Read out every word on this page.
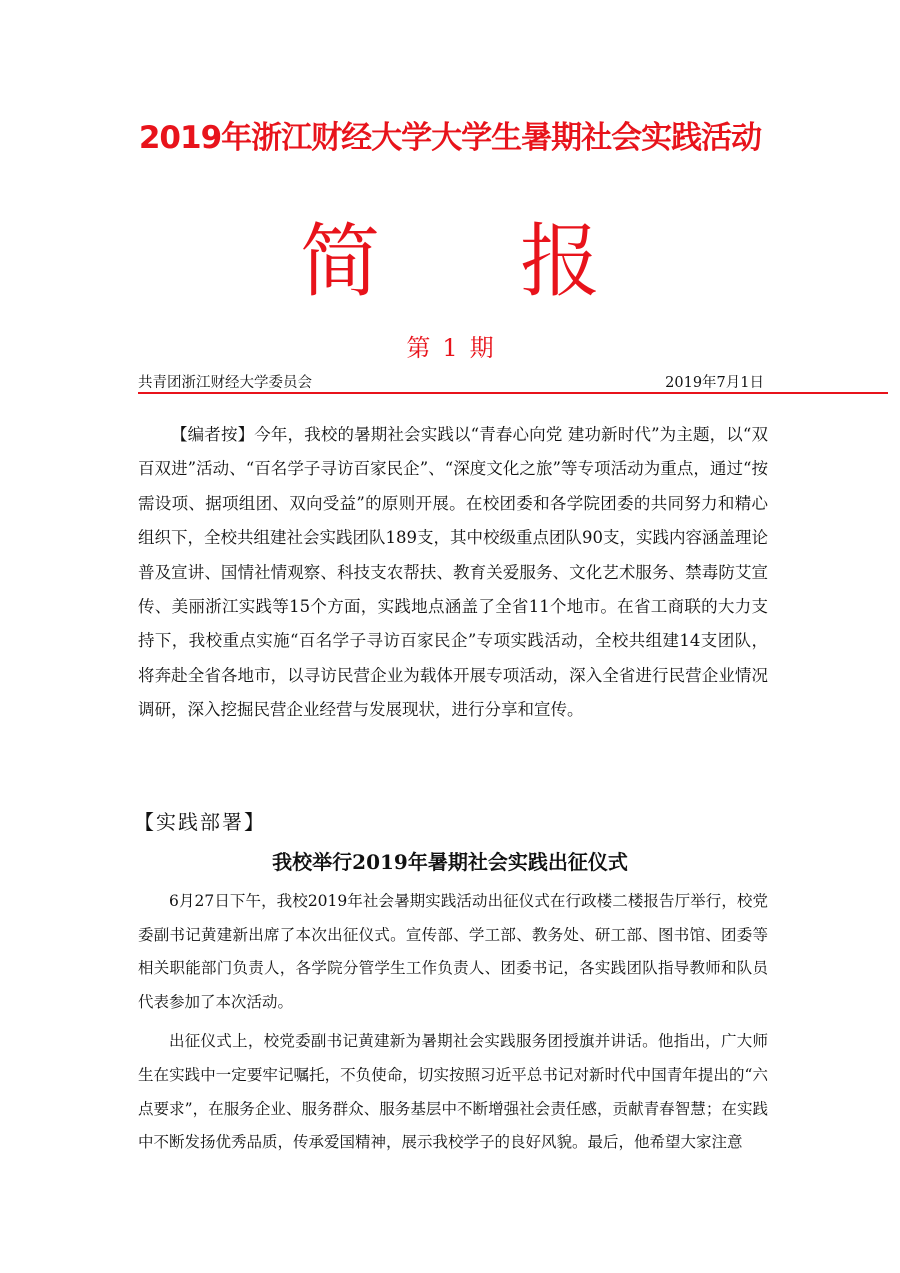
2019年浙江财经大学大学生暑期社会实践活动
简 报
第 1 期
共青团浙江财经大学委员会	2019年7月1日

【编者按】今年，我校的暑期社会实践以“青春心向党 建功新时代”为主题，以“双百双进”活动、“百名学子寻访百家民企”、“深度文化之旅”等专项活动为重点，通过“按需设项、据项组团、双向受益”的原则开展。在校团委和各学院团委的共同努力和精心组织下，全校共组建社会实践团队189支，其中校级重点团队90支，实践内容涵盖理论普及宣讲、国情社情观察、科技支农帮扶、教育关爱服务、文化艺术服务、禁毒防艾宣传、美丽浙江实践等15个方面，实践地点涵盖了全省11个地市。在省工商联的大力支持下，我校重点实施“百名学子寻访百家民企”专项实践活动，全校共组建14支团队，将奔赴全省各地市，以寻访民营企业为载体开展专项活动，深入全省进行民营企业情况调研，深入挖掘民营企业经营与发展现状，进行分享和宣传。

【实践部署】
我校举行2019年暑期社会实践出征仪式

6月27日下午，我校2019年社会暑期实践活动出征仪式在行政楼二楼报告厅举行，校党委副书记黄建新出席了本次出征仪式。宣传部、学工部、教务处、研工部、图书馆、团委等相关职能部门负责人，各学院分管学生工作负责人、团委书记，各实践团队指导教师和队员代表参加了本次活动。

出征仪式上，校党委副书记黄建新为暑期社会实践服务团授旗并讲话。他指出，广大师生在实践中一定要牢记嘱托，不负使命，切实按照习近平总书记对新时代中国青年提出的“六点要求”，在服务企业、服务群众、服务基层中不断增强社会责任感，贡献青春智慧；在实践中不断发扬优秀品质，传承爱国精神，展示我校学子的良好风貌。最后，他希望大家注意
